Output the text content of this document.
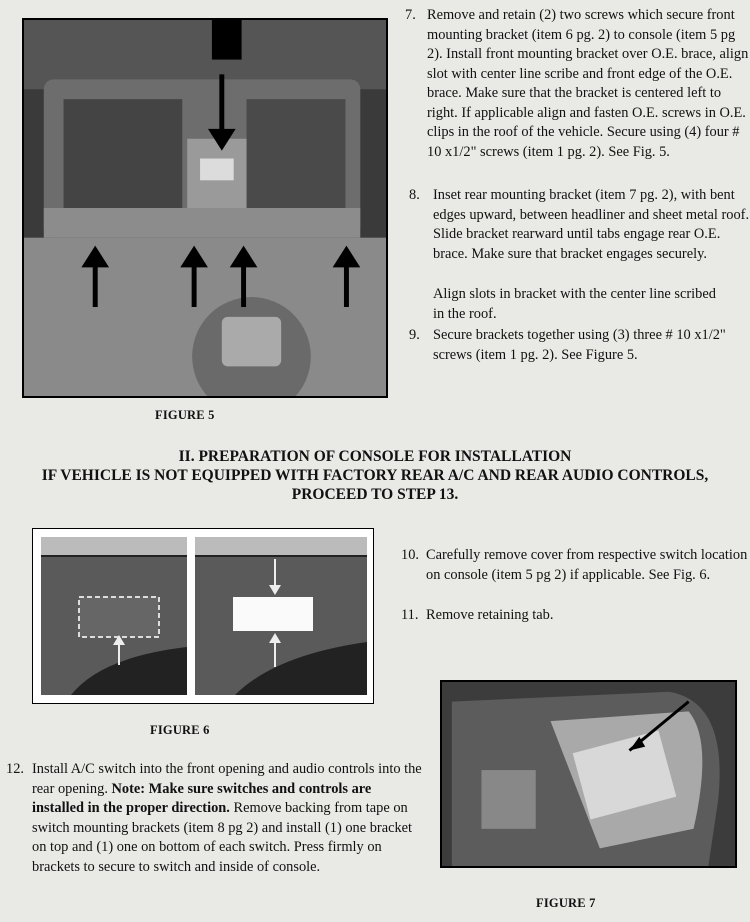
7. Remove and retain (2) two screws which secure front mounting bracket (item 6 pg. 2) to console (item 5 pg 2). Install front mounting bracket over O.E. brace, align slot with center line scribe and front edge of the O.E. brace. Make sure that the bracket is centered left to right. If applicable align and fasten O.E. screws in O.E. clips in the roof of the vehicle. Secure using (4) four # 10 x1/2" screws (item 1 pg. 2). See Fig. 5.
8. Inset rear mounting bracket (item 7 pg. 2), with bent edges upward, between headliner and sheet metal roof. Slide bracket rearward until tabs engage rear O.E. brace. Make sure that bracket engages securely.
Align slots in bracket with the center line scribed in the roof.
9. Secure brackets together using (3) three # 10 x1/2" screws (item 1 pg. 2). See Figure 5.
FIGURE 5
II. PREPARATION OF CONSOLE FOR INSTALLATION
IF VEHICLE IS NOT EQUIPPED WITH FACTORY REAR A/C AND REAR AUDIO CONTROLS,
PROCEED TO STEP 13.
10. Carefully remove cover from respective switch location on console (item 5 pg 2) if applicable. See Fig. 6.
11. Remove retaining tab.
FIGURE 6
12. Install A/C switch into the front opening and audio controls into the rear opening. Note: Make sure switches and controls are installed in the proper direction. Remove backing from tape on switch mounting brackets (item 8 pg 2) and install (1) one bracket on top and (1) one on bottom of each switch. Press firmly on brackets to secure to switch and inside of console.
FIGURE 7
